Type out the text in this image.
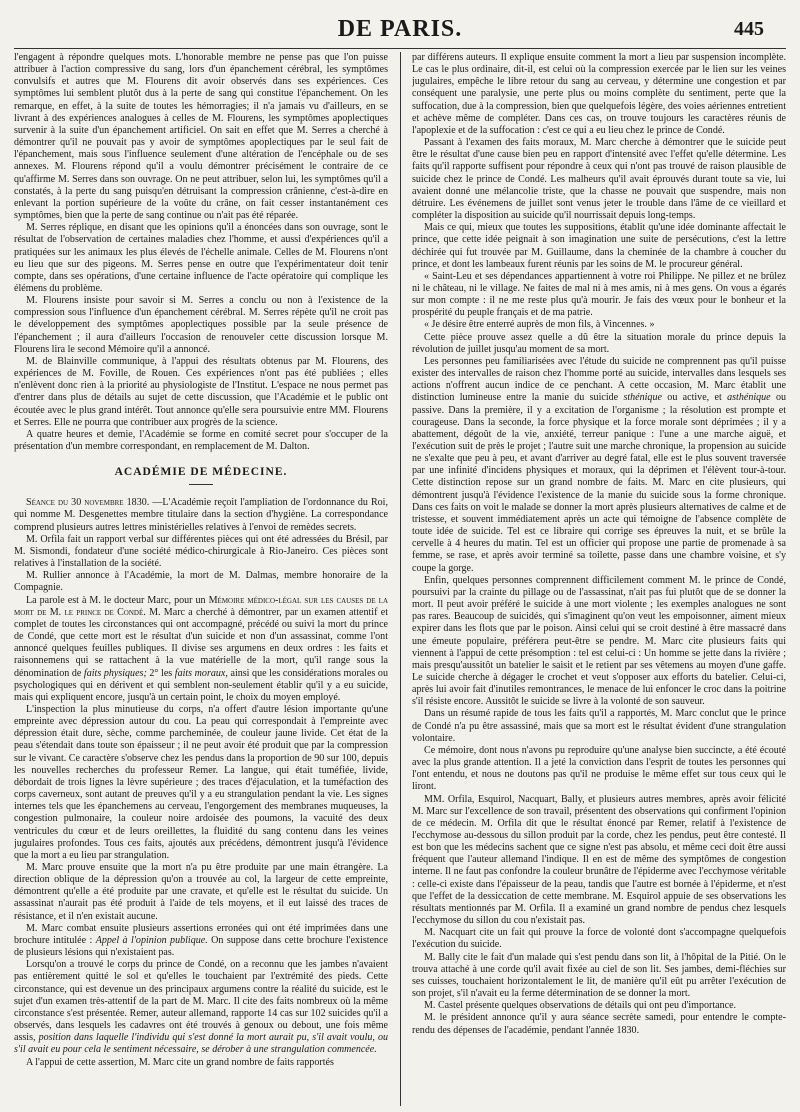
DE PARIS.	445

l'engagent à répondre quelques mots. L'honorable membre ne pense pas que l'on puisse attribuer à l'action compressive du sang, lors d'un épanchement cérébral, les symptômes convulsifs et autres que M. Flourens dit avoir observés dans ses expériences. Ces symptômes lui semblent plutôt dus à la perte de sang qui constitue l'épanchement. On les remarque, en effet, à la suite de toutes les hémorragies; il n'a jamais vu d'ailleurs, en se livrant à des expériences analogues à celles de M. Flourens, les symptômes apoplectiques survenir à la suite d'un épanchement artificiel. On sait en effet que M. Serres a cherché à démontrer qu'il ne pouvait pas y avoir de symptômes apoplectiques par le seul fait de l'épanchement, mais sous l'influence seulement d'une altération de l'encéphale ou de ses annexes. M. Flourens répond qu'il a voulu démontrer précisément le contraire de ce qu'affirme M. Serres dans son ouvrage. On ne peut attribuer, selon lui, les symptômes qu'il a constatés, à la perte du sang puisqu'en détruisant la compression crânienne, c'est-à-dire en enlevant la portion supérieure de la voûte du crâne, on fait cesser instantanément ces symptômes, bien que la perte de sang continue ou n'ait pas été réparée.

M. Serres réplique, en disant que les opinions qu'il a énoncées dans son ouvrage, sont le résultat de l'observation de certaines maladies chez l'homme, et aussi d'expériences qu'il a pratiquées sur les animaux les plus élevés de l'échelle animale. Celles de M. Flourens n'ont eu lieu que sur des pigeons. M. Serres pense en outre que l'expérimentateur doit tenir compte, dans ses opérations, d'une certaine influence de l'acte opératoire qui complique les élémens du problème.

M. Flourens insiste pour savoir si M. Serres a conclu ou non à l'existence de la compression sous l'influence d'un épanchement cérébral. M. Serres répète qu'il ne croit pas le développement des symptômes apoplectiques possible par la seule présence de l'épanchement ; il aura d'ailleurs l'occasion de renouveler cette discussion lorsque M. Flourens lira le second Mémoire qu'il a annoncé.

M. de Blainville communique, à l'appui des résultats obtenus par M. Flourens, des expériences de M. Foville, de Rouen. Ces expériences n'ont pas été publiées ; elles n'enlèvent donc rien à la priorité au physiologiste de l'Institut. L'espace ne nous permet pas d'entrer dans plus de détails au sujet de cette discussion, que l'Académie et le public ont écoutée avec le plus grand intérêt. Tout annonce qu'elle sera poursuivie entre MM. Flourens et Serres. Elle ne pourra que contribuer aux progrès de la science.

A quatre heures et demie, l'Académie se forme en comité secret pour s'occuper de la présentation d'un membre correspondant, en remplacement de M. Dalton.

ACADÉMIE DE MÉDECINE.

Séance du 30 novembre 1830. —L'Académie reçoit l'ampliation de l'ordonnance du Roi, qui nomme M. Desgenettes membre titulaire dans la section d'hygiène. La correspondance comprend plusieurs autres lettres ministérielles relatives à l'envoi de remèdes secrets.

M. Orfila fait un rapport verbal sur différentes pièces qui ont été adressées du Brésil, par M. Sismondi, fondateur d'une société médico-chirurgicale à Rio-Janeiro. Ces pièces sont relatives à l'installation de la société.

M. Rullier annonce à l'Académie, la mort de M. Dalmas, membre honoraire de la Compagnie.

La parole est à M. le docteur Marc, pour un Mémoire médico-légal sur les causes de la mort de M. le prince de Condé. M. Marc a cherché à démontrer, par un examen attentif et complet de toutes les circonstances qui ont accompagné, précédé ou suivi la mort du prince de Condé, que cette mort est le résultat d'un suicide et non d'un assassinat, comme l'ont annoncé quelques feuilles publiques. Il divise ses argumens en deux ordres : les faits et raisonnemens qui se rattachent à la vue matérielle de la mort, qu'il range sous la dénomination de faits physiques; 2° les faits moraux, ainsi que les considérations morales ou psychologiques qui en dérivent et qui semblent non-seulement établir qu'il y a eu suicide, mais qui expliquent encore, jusqu'à un certain point, le choix du moyen employé.

L'inspection la plus minutieuse du corps, n'a offert d'autre lésion importante qu'une empreinte avec dépression autour du cou. La peau qui correspondait à l'empreinte avec dépression était dure, sèche, comme parcheminée, de couleur jaune livide. Cet état de la peau s'étendait dans toute son épaisseur ; il ne peut avoir été produit que par la compression sur le vivant. Ce caractère s'observe chez les pendus dans la proportion de 90 sur 100, depuis les nouvelles recherches du professeur Remer. La langue, qui était tuméfiée, livide, débordait de trois lignes la lèvre supérieure ; des traces d'éjaculation, et la tuméfaction des corps caverneux, sont autant de preuves qu'il y a eu strangulation pendant la vie. Les signes internes tels que les épanchemens au cerveau, l'engorgement des membranes muqueuses, la congestion pulmonaire, la couleur noire ardoisée des poumons, la vacuité des deux ventricules du cœur et de leurs oreillettes, la fluidité du sang contenu dans les veines jugulaires profondes. Tous ces faits, ajoutés aux précédens, démontrent jusqu'à l'évidence que la mort a eu lieu par strangulation.

M. Marc prouve ensuite que la mort n'a pu être produite par une main étrangère. La direction oblique de la dépression qu'on a trouvée au col, la largeur de cette empreinte, démontrent qu'elle a été produite par une cravate, et qu'elle est le résultat du suicide. Un assassinat n'aurait pas été produit à l'aide de tels moyens, et il eut laissé des traces de résistance, et il n'en existait aucune.

M. Marc combat ensuite plusieurs assertions erronées qui ont été imprimées dans une brochure intitulée : Appel à l'opinion publique. On suppose dans cette brochure l'existence de plusieurs lésions qui n'existaient pas.

Lorsqu'on a trouvé le corps du prince de Condé, on a reconnu que les jambes n'avaient pas entièrement quitté le sol et qu'elles le touchaient par l'extrémité des pieds. Cette circonstance, qui est devenue un des principaux argumens contre la réalité du suicide, est le sujet d'un examen très-attentif de la part de M. Marc. Il cite des faits nombreux où la même circonstance s'est présentée. Remer, auteur allemand, rapporte 14 cas sur 102 suicides qu'il a observés, dans lesquels les cadavres ont été trouvés à genoux ou debout, une fois même assis, position dans laquelle l'individu qui s'est donné la mort aurait pu, s'il avait voulu, ou s'il avait eu pour cela le sentiment nécessaire, se dérober à une strangulation commencée.

A l'appui de cette assertion, M. Marc cite un grand nombre de faits rapportés

par différens auteurs. Il explique ensuite comment la mort a lieu par suspension incomplète. Le cas le plus ordinaire, dit-il, est celui où la compression exercée par le lien sur les veines jugulaires, empêche le libre retour du sang au cerveau, y détermine une congestion et par conséquent une paralysie, une perte plus ou moins complète du sentiment, perte que la suffocation, due à la compression, bien que quelquefois légère, des voies aériennes entretient et achève même de compléter. Dans ces cas, on trouve toujours les caractères réunis de l'apoplexie et de la suffocation : c'est ce qui a eu lieu chez le prince de Condé.

Passant à l'examen des faits moraux, M. Marc cherche à démontrer que le suicide peut être le résultat d'une cause bien peu en rapport d'intensité avec l'effet qu'elle détermine. Les faits qu'il rapporte suffisent pour répondre à ceux qui n'ont pas trouvé de raison plausible de suicide chez le prince de Condé. Les malheurs qu'il avait éprouvés durant toute sa vie, lui avaient donné une mélancolie triste, que la chasse ne pouvait que suspendre, mais non détruire. Les événemens de juillet sont venus jeter le trouble dans l'âme de ce vieillard et compléter la disposition au suicide qu'il nourrissait depuis long-temps.

Mais ce qui, mieux que toutes les suppositions, établit qu'une idée dominante affectait le prince, que cette idée peignait à son imagination une suite de persécutions, c'est la lettre déchirée qui fut trouvée par M. Guillaume, dans la cheminée de la chambre à coucher du prince, et dont les lambeaux furent réunis par les soins de M. le procureur général.

« Saint-Leu et ses dépendances appartiennent à votre roi Philippe. Ne pillez et ne brûlez ni le château, ni le village. Ne faites de mal ni à mes amis, ni à mes gens. On vous a égarés sur mon compte : il ne me reste plus qu'à mourir. Je fais des vœux pour le bonheur et la prospérité du peuple français et de ma patrie.

« Je désire être enterré auprès de mon fils, à Vincennes. »

Cette pièce prouve assez quelle a dû être la situation morale du prince depuis la révolution de juillet jusqu'au moment de sa mort.

Les personnes peu familiarisées avec l'étude du suicide ne comprennent pas qu'il puisse exister des intervalles de raison chez l'homme porté au suicide, intervalles dans lesquels ses actions n'offrent aucun indice de ce penchant. A cette occasion, M. Marc établit une distinction lumineuse entre la manie du suicide sthénique ou active, et asthénique ou passive. Dans la première, il y a excitation de l'organisme ; la résolution est prompte et courageuse. Dans la seconde, la force physique et la force morale sont déprimées ; il y a abattement, dégoût de la vie, anxiété, terreur panique : l'une a une marche aiguë, et l'exécution suit de près le projet ; l'autre suit une marche chronique, la propension au suicide ne s'exalte que peu à peu, et avant d'arriver au degré fatal, elle est le plus souvent traversée par une infinité d'incidens physiques et moraux, qui la déprimen et l'élèvent tour-à-tour. Cette distinction repose sur un grand nombre de faits. M. Marc en cite plusieurs, qui démontrent jusqu'à l'évidence l'existence de la manie du suicide sous la forme chronique. Dans ces faits on voit le malade se donner la mort après plusieurs alternatives de calme et de tristesse, et souvent immédiatement après un acte qui témoigne de l'absence complète de toute idée de suicide. Tel est ce libraire qui corrige ses épreuves la nuit, et se brûle la cervelle à 4 heures du matin. Tel est un officier qui propose une partie de promenade à sa femme, se rase, et après avoir terminé sa toilette, passe dans une chambre voisine, et s'y coupe la gorge.

Enfin, quelques personnes comprennent difficilement comment M. le prince de Condé, poursuivi par la crainte du pillage ou de l'assassinat, n'ait pas fui plutôt que de se donner la mort. Il peut avoir préféré le suicide à une mort violente ; les exemples analogues ne sont pas rares. Beaucoup de suicidés, qui s'imaginent qu'on veut les empoisonner, aiment mieux expirer dans les flots que par le poison. Ainsi celui qui se croit destiné à être massacré dans une émeute populaire, préférera peut-être se pendre. M. Marc cite plusieurs faits qui viennent à l'appui de cette présomption : tel est celui-ci : Un homme se jette dans la rivière ; mais presqu'aussitôt un batelier le saisit et le retient par ses vêtemens au moyen d'une gaffe. Le suicide cherche à dégager le crochet et veut s'opposer aux efforts du batelier. Celui-ci, après lui avoir fait d'inutiles remontrances, le menace de lui enfoncer le croc dans la poitrine s'il résiste encore. Aussitôt le suicide se livre à la volonté de son sauveur.

Dans un résumé rapide de tous les faits qu'il a rapportés, M. Marc conclut que le prince de Condé n'a pu être assassiné, mais que sa mort est le résultat évident d'une strangulation volontaire.

Ce mémoire, dont nous n'avons pu reproduire qu'une analyse bien succincte, a été écouté avec la plus grande attention. Il a jeté la conviction dans l'esprit de toutes les personnes qui l'ont entendu, et nous ne doutons pas qu'il ne produise le même effet sur tous ceux qui le liront.

MM. Orfila, Esquirol, Nacquart, Bally, et plusieurs autres membres, après avoir félicité M. Marc sur l'excellence de son travail, présentent des observations qui confirment l'opinion de ce médecin. M. Orfila dit que le résultat énoncé par Remer, relatif à l'existence de l'ecchymose au-dessous du sillon produit par la corde, chez les pendus, peut être contesté. Il est bon que les médecins sachent que ce signe n'est pas absolu, et même ceci doit être aussi fréquent que l'auteur allemand l'indique. Il en est de même des symptômes de congestion interne. Il ne faut pas confondre la couleur brunâtre de l'épiderme avec l'ecchymose véritable : celle-ci existe dans l'épaisseur de la peau, tandis que l'autre est bornée à l'épiderme, et n'est que l'effet de la dessiccation de cette membrane. M. Esquirol appuie de ses observations les résultats mentionnés par M. Orfila. Il a examiné un grand nombre de pendus chez lesquels l'ecchymose du sillon du cou n'existait pas.

M. Nacquart cite un fait qui prouve la force de volonté dont s'accompagne quelquefois l'exécution du suicide.

M. Bally cite le fait d'un malade qui s'est pendu dans son lit, à l'hôpital de la Pitié. On le trouva attaché à une corde qu'il avait fixée au ciel de son lit. Ses jambes, demi-fléchies sur ses cuisses, touchaient horizontalement le lit, de manière qu'il eût pu arrêter l'exécution de son projet, s'il n'avait eu la ferme détermination de se donner la mort.

M. Castel présente quelques observations de détails qui ont peu d'importance.

M. le président annonce qu'il y aura séance secrète samedi, pour entendre le compte-rendu des dépenses de l'académie, pendant l'année 1830.
